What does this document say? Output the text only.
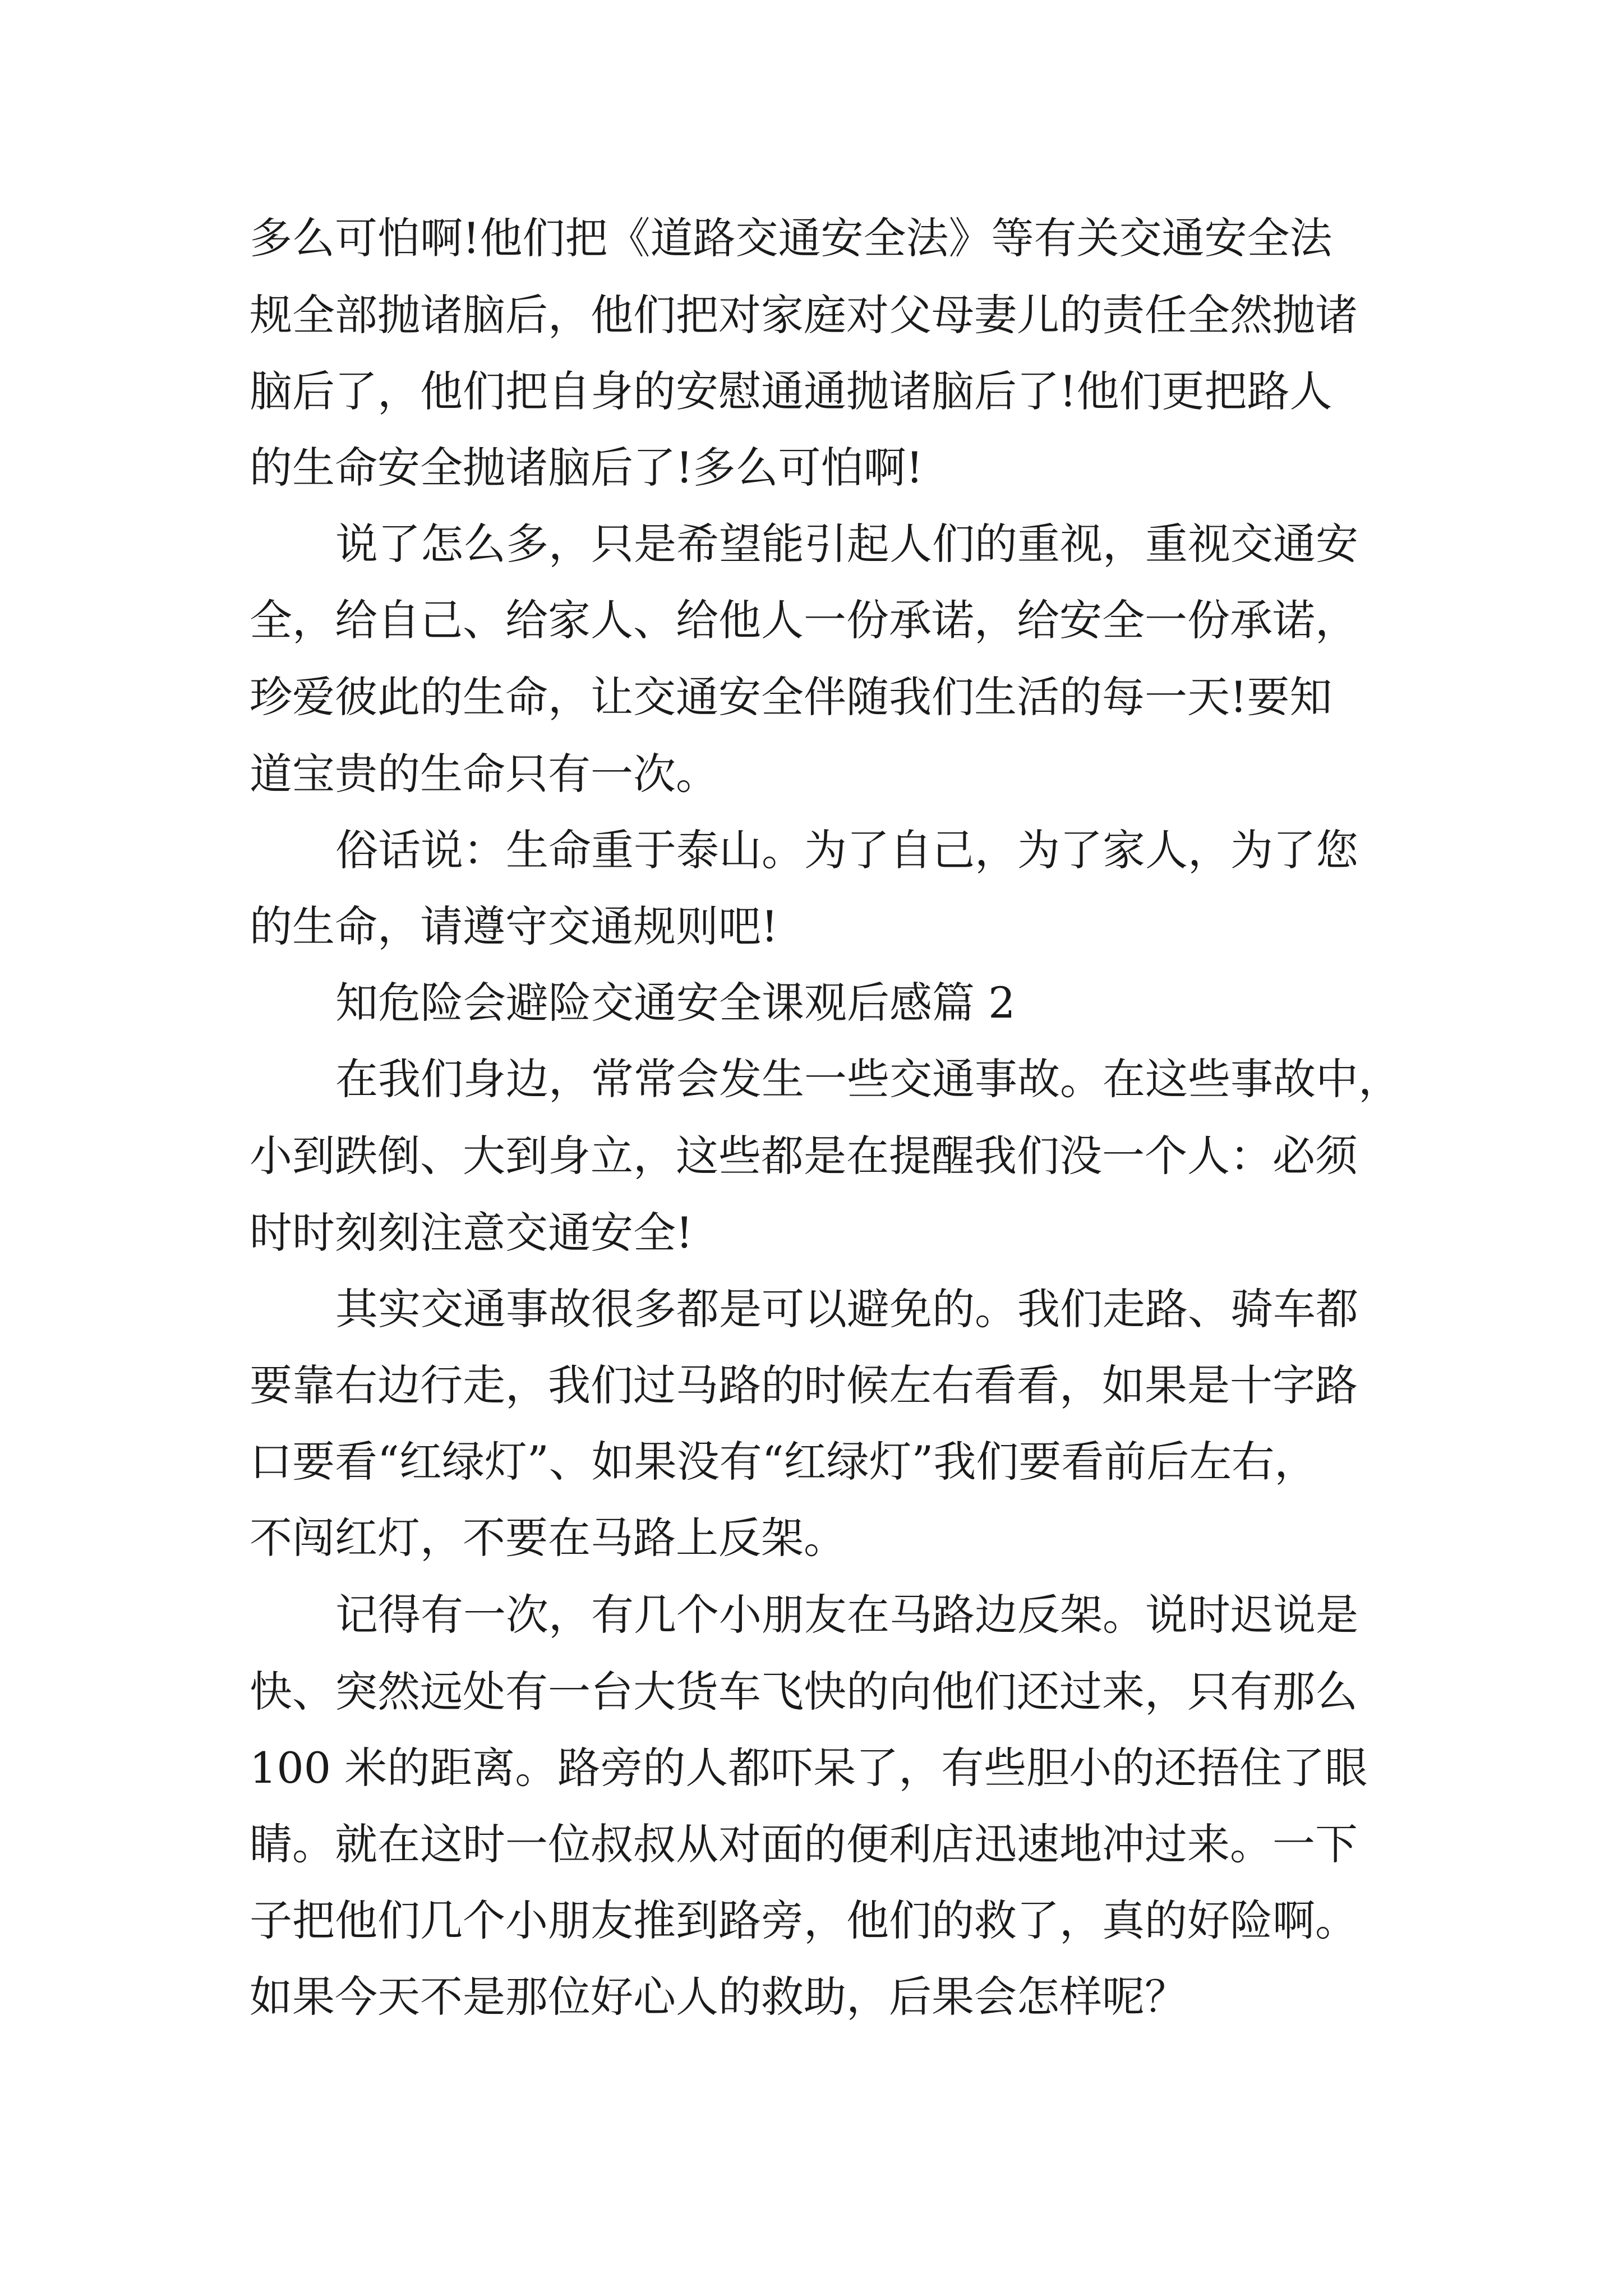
多么可怕啊!他们把《道路交通安全法》等有关交通安全法

规全部抛诸脑后，他们把对家庭对父母妻儿的责任全然抛诸

脑后了，他们把自身的安慰通通抛诸脑后了!他们更把路人

的生命安全抛诸脑后了!多么可怕啊!

说了怎么多，只是希望能引起人们的重视，重视交通安

全，给自己、给家人、给他人一份承诺，给安全一份承诺，

珍爱彼此的生命，让交通安全伴随我们生活的每一天!要知

道宝贵的生命只有一次。

俗话说：生命重于泰山。为了自己，为了家人，为了您

的生命，请遵守交通规则吧!

知危险会避险交通安全课观后感篇 2

在我们身边，常常会发生一些交通事故。在这些事故中，

小到跌倒、大到身立，这些都是在提醒我们没一个人：必须

时时刻刻注意交通安全!

其实交通事故很多都是可以避免的。我们走路、骑车都

要靠右边行走，我们过马路的时候左右看看，如果是十字路

口要看“红绿灯”、如果没有“红绿灯”我们要看前后左右，

不闯红灯，不要在马路上反架。

记得有一次，有几个小朋友在马路边反架。说时迟说是

快、突然远处有一台大货车飞快的向他们还过来，只有那么

100 米的距离。路旁的人都吓呆了，有些胆小的还捂住了眼

睛。就在这时一位叔叔从对面的便利店迅速地冲过来。一下

子把他们几个小朋友推到路旁，他们的救了，真的好险啊。

如果今天不是那位好心人的救助，后果会怎样呢？
